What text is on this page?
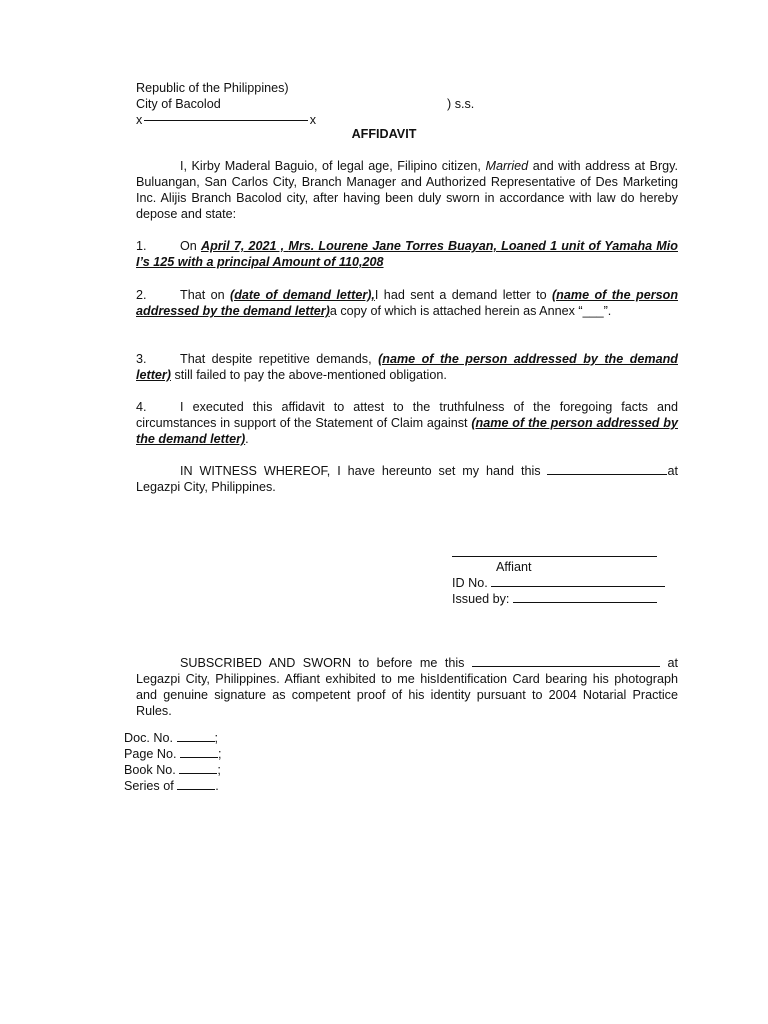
Republic of the Philippines)
City of Bacolod	) s.s.
x	x
AFFIDAVIT
I, Kirby Maderal Baguio, of legal age, Filipino citizen, Married and with address at Brgy. Buluangan, San Carlos City, Branch Manager and Authorized Representative of Des Marketing Inc. Alijis Branch Bacolod city, after having been duly sworn in accordance with law do hereby depose and state:
1.	On April 7, 2021 , Mrs. Lourene Jane Torres Buayan, Loaned 1 unit of Yamaha Mio I’s 125 with a principal Amount of 110,208
2.	That on (date of demand letter),I had sent a demand letter to (name of the person addressed by the demand letter)a copy of which is attached herein as Annex “___”.
3.	That despite repetitive demands, (name of the person addressed by the demand letter) still failed to pay the above-mentioned obligation.
4.	I executed this affidavit to attest to the truthfulness of the foregoing facts and circumstances in support of the Statement of Claim against (name of the person addressed by the demand letter).
IN WITNESS WHEREOF, I have hereunto set my hand this	at Legazpi City, Philippines.
Affiant
ID No.
Issued by:
SUBSCRIBED AND SWORN to before me this	at Legazpi City, Philippines. Affiant exhibited to me hisIdentification Card bearing his photograph and genuine signature as competent proof of his identity pursuant to 2004 Notarial Practice Rules.
Doc. No.	;
Page No.	;
Book No.	;
Series of	.
